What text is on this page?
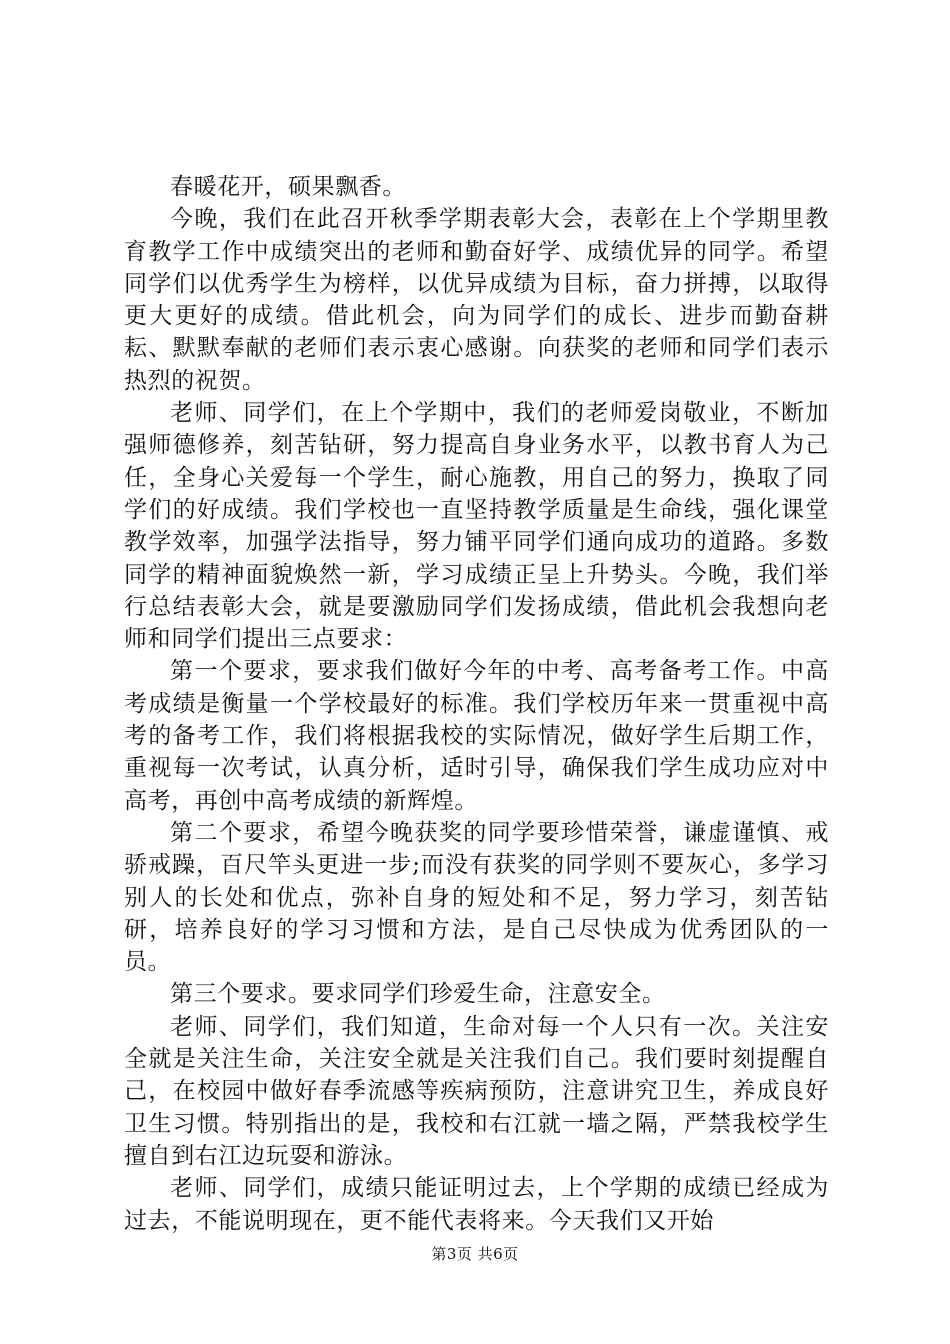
春暖花开，硕果飘香。

今晚，我们在此召开秋季学期表彰大会，表彰在上个学期里教育教学工作中成绩突出的老师和勤奋好学、成绩优异的同学。希望同学们以优秀学生为榜样，以优异成绩为目标，奋力拼搏，以取得更大更好的成绩。借此机会，向为同学们的成长、进步而勤奋耕耘、默默奉献的老师们表示衷心感谢。向获奖的老师和同学们表示热烈的祝贺。

老师、同学们，在上个学期中，我们的老师爱岗敬业，不断加强师德修养，刻苦钻研，努力提高自身业务水平，以教书育人为己任，全身心关爱每一个学生，耐心施教，用自己的努力，换取了同学们的好成绩。我们学校也一直坚持教学质量是生命线，强化课堂教学效率，加强学法指导，努力铺平同学们通向成功的道路。多数同学的精神面貌焕然一新，学习成绩正呈上升势头。今晚，我们举行总结表彰大会，就是要激励同学们发扬成绩，借此机会我想向老师和同学们提出三点要求：

第一个要求，要求我们做好今年的中考、高考备考工作。中高考成绩是衡量一个学校最好的标准。我们学校历年来一贯重视中高考的备考工作，我们将根据我校的实际情况，做好学生后期工作，重视每一次考试，认真分析，适时引导，确保我们学生成功应对中高考，再创中高考成绩的新辉煌。

第二个要求，希望今晚获奖的同学要珍惜荣誉，谦虚谨慎、戒骄戒躁，百尺竿头更进一步;而没有获奖的同学则不要灰心，多学习别人的长处和优点，弥补自身的短处和不足，努力学习，刻苦钻研，培养良好的学习习惯和方法，是自己尽快成为优秀团队的一员。

第三个要求。要求同学们珍爱生命，注意安全。

老师、同学们，我们知道，生命对每一个人只有一次。关注安全就是关注生命，关注安全就是关注我们自己。我们要时刻提醒自己，在校园中做好春季流感等疾病预防，注意讲究卫生，养成良好卫生习惯。特别指出的是，我校和右江就一墙之隔，严禁我校学生擅自到右江边玩耍和游泳。

老师、同学们，成绩只能证明过去，上个学期的成绩已经成为过去，不能说明现在，更不能代表将来。今天我们又开始

第3页 共6页
